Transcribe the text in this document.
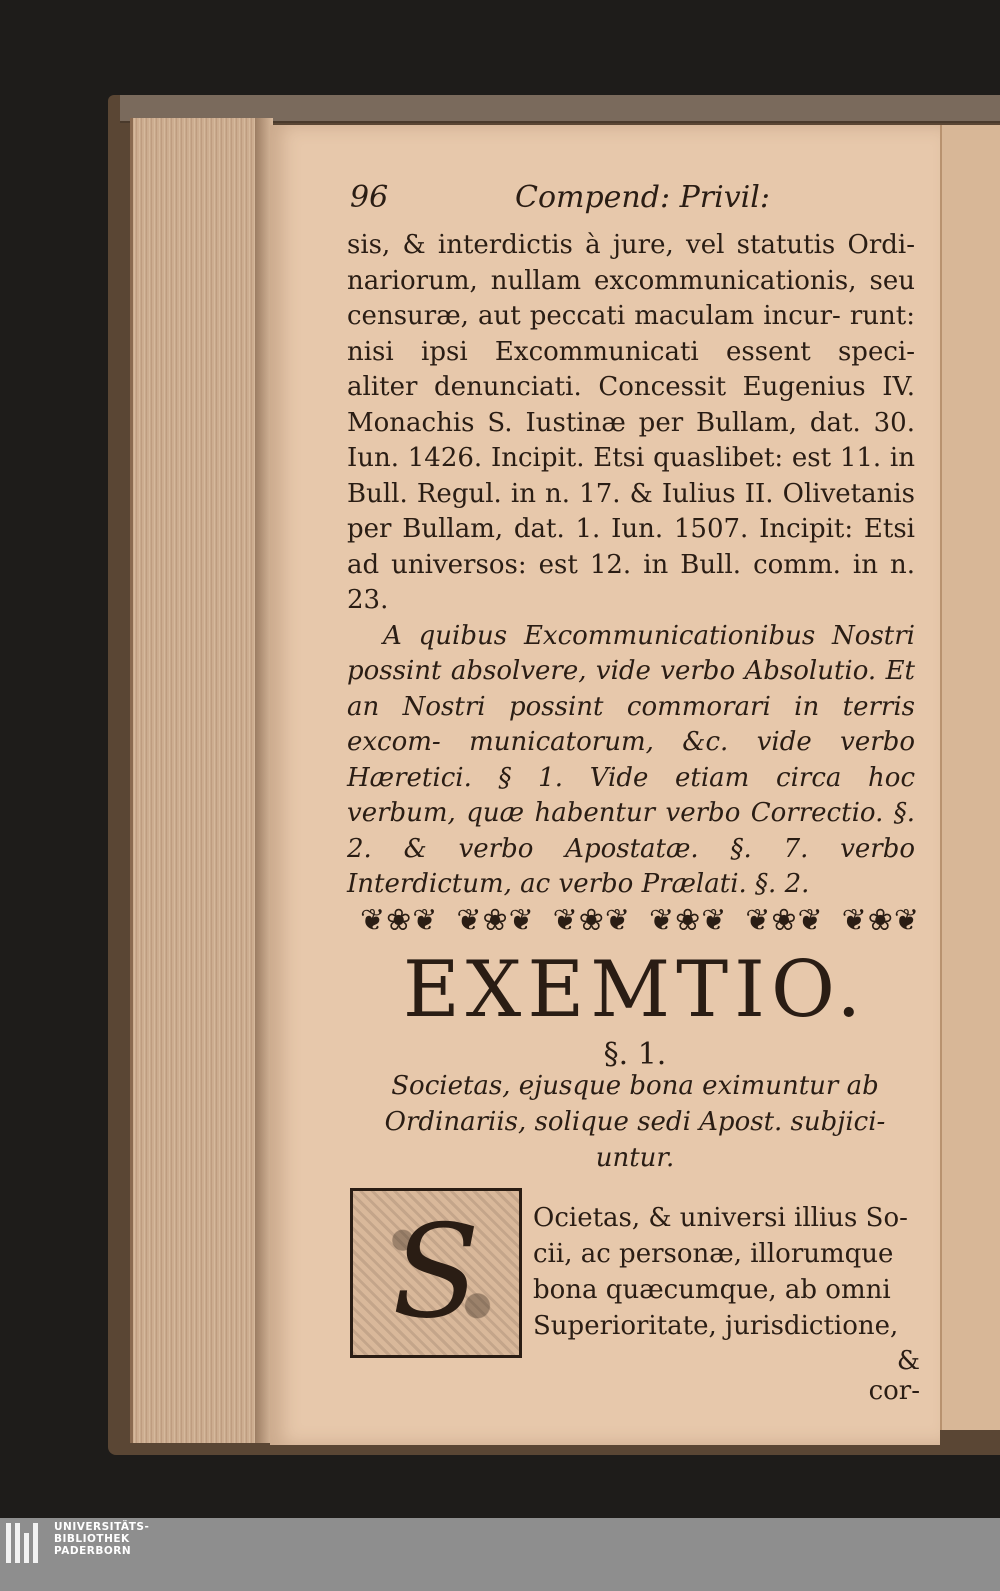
96	Compend: Privil:

sis, & interdictis à jure, vel statutis Ordi- nariorum, nullam excommunicationis, seu censuræ, aut peccati maculam incur- runt: nisi ipsi Excommunicati essent speci- aliter denunciati. Concessit Eugenius IV. Monachis S. Iustinæ per Bullam, dat. 30. Iun. 1426. Incipit. Etsi quaslibet: est 11. in Bull. Regul. in n. 17. & Iulius II. Olivetanis per Bullam, dat. 1. Iun. 1507. Incipit: Etsi ad universos: est 12. in Bull. comm. in n. 23.

A quibus Excommunicationibus Nostri possint absolvere, vide verbo Absolutio. Et an Nostri possint commorari in terris excom- municatorum, &c. vide verbo Hæretici. § 1. Vide etiam circa hoc verbum, quæ habentur verbo Correctio. §. 2. & verbo Apostatæ. §. 7. verbo Interdictum, ac verbo Prælati. §. 2.

❦❀❦ ❦❀❦ ❦❀❦ ❦❀❦ ❦❀❦ ❦❀❦
EXEMTIO.
§. 1.
Societas, ejusque bona eximuntur ab
Ordinariis, solique sedi Apost. subjici-
untur.
S Ocietas, & universi illius So-
cii, ac personæ, illorumque
bona quæcumque, ab omni
Superioritate, jurisdictione,
& cor-
UNIVERSITÄTS-
BIBLIOTHEK
PADERBORN
